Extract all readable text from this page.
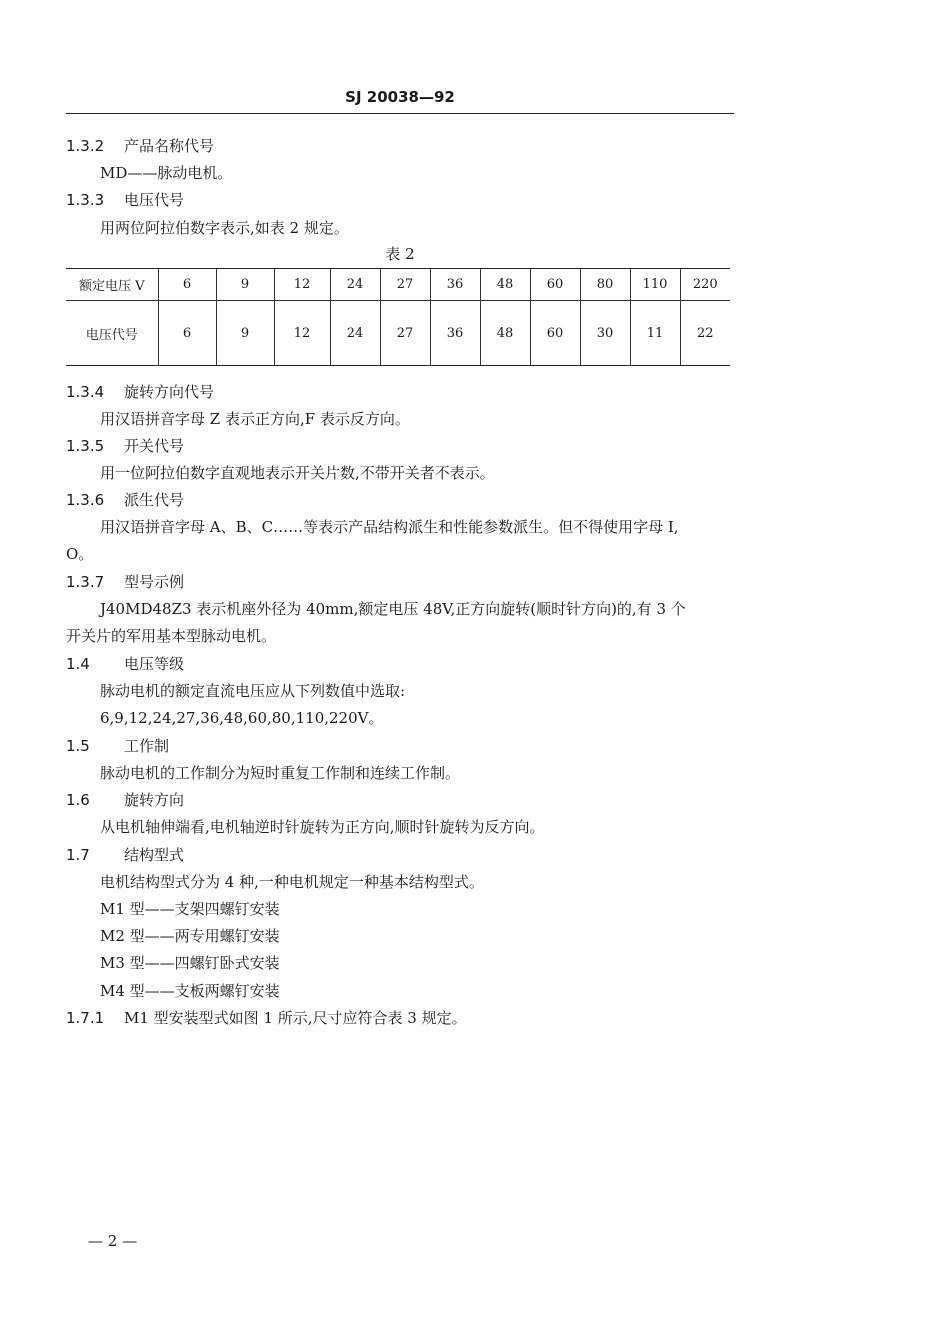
SJ 20038—92
1.3.2 产品名称代号
MD——脉动电机。
1.3.3 电压代号
用两位阿拉伯数字表示,如表 2 规定。
表 2
额定电压 V	6	9	12	24	27	36	48	60	80	110	220
电压代号	6	9	12	24	27	36	48	60	30	11	22
1.3.4 旋转方向代号
用汉语拼音字母 Z 表示正方向,F 表示反方向。
1.3.5 开关代号
用一位阿拉伯数字直观地表示开关片数,不带开关者不表示。
1.3.6 派生代号
用汉语拼音字母 A、B、C……等表示产品结构派生和性能参数派生。但不得使用字母 I,
O。
1.3.7 型号示例
J40MD48Z3 表示机座外径为 40mm,额定电压 48V,正方向旋转(顺时针方向)的,有 3 个
开关片的军用基本型脉动电机。
1.4 电压等级
脉动电机的额定直流电压应从下列数值中选取:
6,9,12,24,27,36,48,60,80,110,220V。
1.5 工作制
脉动电机的工作制分为短时重复工作制和连续工作制。
1.6 旋转方向
从电机轴伸端看,电机轴逆时针旋转为正方向,顺时针旋转为反方向。
1.7 结构型式
电机结构型式分为 4 种,一种电机规定一种基本结构型式。
M1 型——支架四螺钉安装
M2 型——两专用螺钉安装
M3 型——四螺钉卧式安装
M4 型——支板两螺钉安装
1.7.1 M1 型安装型式如图 1 所示,尺寸应符合表 3 规定。
— 2 —
